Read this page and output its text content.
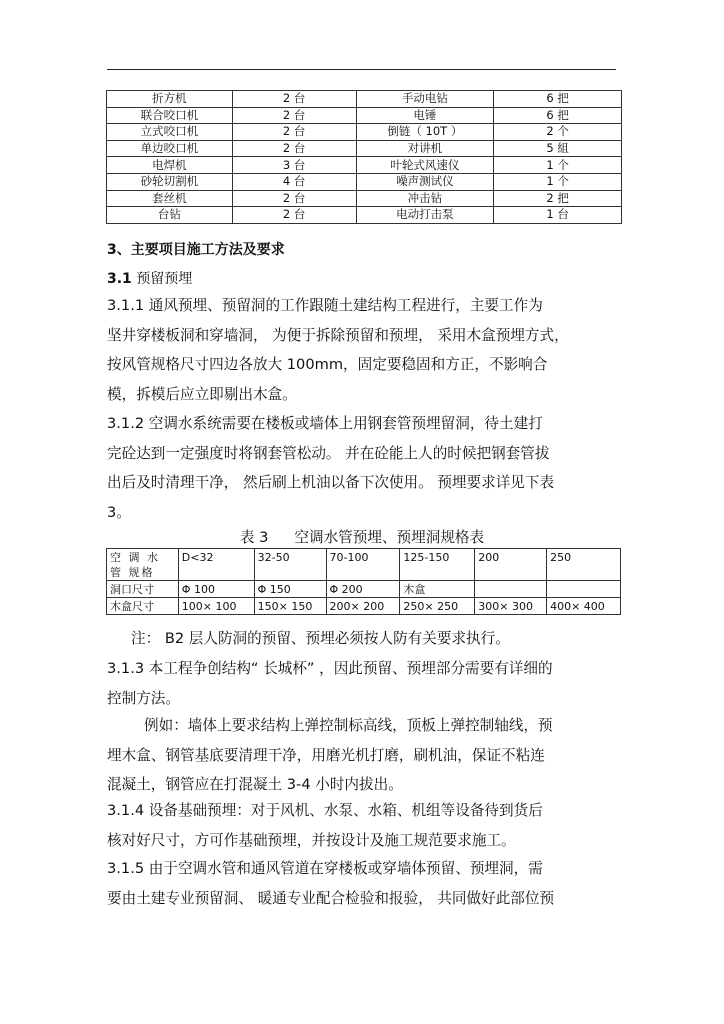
折方机	2 台	手动电钻	6 把
联合咬口机	2 台	电锤	6 把
立式咬口机	2 台	倒链（ 10T ）	2 个
单边咬口机	2 台	对讲机	5 組
电焊机	3 台	叶轮式风速仪	1 个
砂轮切割机	4 台	噪声测试仪	1 个
套丝机	2 台	冲击钻	2 把
台钻	2 台	电动打击泵	1 台
3、主要项目施工方法及要求
3.1 预留预埋
3.1.1 通风预埋、预留洞的工作跟随土建结构工程进行，主要工作为
坚井穿楼板洞和穿墙洞， 为便于拆除预留和预埋， 采用木盒预埋方式，
按风管规格尺寸四边各放大 100mm，固定要稳固和方正，不影响合
模，拆模后应立即剔出木盒。
3.1.2 空调水系统需要在楼板或墙体上用钢套管预埋留洞，待土建打
完砼达到一定强度时将钢套管松动。 并在砼能上人的时候把钢套管拔
出后及时清理干净， 然后刷上机油以备下次使用。 预埋要求详见下表
3。
表 3 空调水管预埋、预埋洞规格表
空 调 水 管 规格	D<32	32-50	70-100	125-150	200	250
洞口尺寸	Φ 100	Φ 150	Φ 200	木盒		
木盒尺寸	100× 100	150× 150	200× 200	250× 250	300× 300	400× 400
注： B2 层人防洞的预留、预埋必须按人防有关要求执行。
3.1.3 本工程争创结构“ 长城杯” ，因此预留、预埋部分需要有详细的
控制方法。
例如：墙体上要求结构上弹控制标高线，顶板上弹控制轴线，预
埋木盒、钢管基底要清理干净，用磨光机打磨，刷机油，保证不粘连
混凝土，钢管应在打混凝土 3-4 小时内拔出。
3.1.4 设备基础预埋：对于风机、水泵、水箱、机组等设备待到货后
核对好尺寸，方可作基础预埋，并按设计及施工规范要求施工。
3.1.5 由于空调水管和通风管道在穿楼板或穿墙体预留、预埋洞，需
要由土建专业预留洞、 暖通专业配合检验和报验， 共同做好此部位预
